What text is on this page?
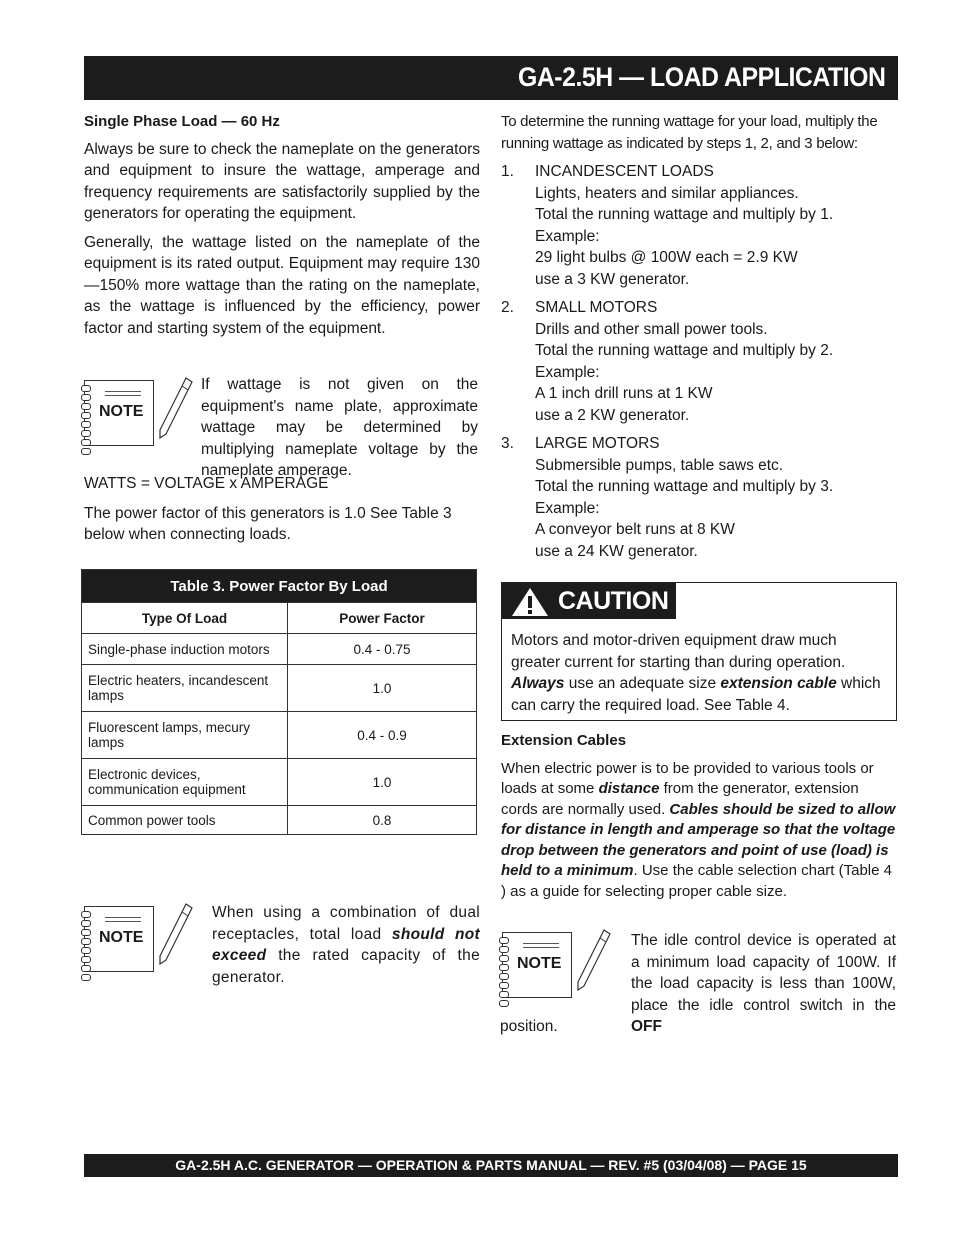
GA-2.5H — LOAD APPLICATION

Single Phase Load — 60 Hz

Always be sure to check the nameplate on the generators and equipment to insure the wattage, amperage and frequency requirements are satisfactorily supplied by the generators for operating the equipment.

Generally, the wattage listed on the nameplate of the equipment is its rated output. Equipment may require 130—150% more wattage than the rating on the nameplate, as the wattage is influenced by the efficiency, power factor and starting system of the equipment.

NOTE
If wattage is not given on the equipment's name plate, approximate wattage may be determined by multiplying nameplate voltage by the nameplate amperage.

WATTS = VOLTAGE x AMPERAGE

The power factor of this generators is 1.0 See Table 3 below when connecting loads.

Table 3. Power Factor By Load	
Type Of Load	Power Factor
Single-phase induction motors	0.4 - 0.75
Electric heaters, incandescent lamps	1.0
Fluorescent lamps, mecury lamps	0.4 - 0.9
Electronic devices, communication equipment	1.0
Common power tools	0.8
NOTE
When using a combination of dual receptacles, total load should not exceed the rated capacity of the generator.

To determine the running wattage for your load, multiply the running wattage as indicated by steps 1, 2, and 3 below:

1. INCANDESCENT LOADS
Lights, heaters and similar appliances.
Total the running wattage and multiply by 1.
Example:
29 light bulbs @ 100W each = 2.9 KW
use a 3 KW generator.
2. SMALL MOTORS
Drills and other small power tools.
Total the running wattage and multiply by 2.
Example:
A 1 inch drill runs at 1 KW
use a 2 KW generator.
3. LARGE MOTORS
Submersible pumps, table saws etc.
Total the running wattage and multiply by 3.
Example:
A conveyor belt runs at 8 KW
use a 24 KW generator.
CAUTION
Motors and motor-driven equipment draw much greater current for starting than during operation. Always use an adequate size extension cable which can carry the required load. See Table 4.

Extension Cables

When electric power is to be provided to various tools or loads at some distance from the generator, extension cords are normally used. Cables should be sized to allow for distance in length and amperage so that the voltage drop between the generators and point of use (load) is held to a minimum. Use the cable selection chart (Table 4 ) as a guide for selecting proper cable size.

NOTE
The idle control device is operated at a minimum load capacity of 100W. If the load capacity is less than 100W, place the idle control switch in the OFF
position.
GA-2.5H A.C. GENERATOR — OPERATION & PARTS MANUAL — REV. #5 (03/04/08) — PAGE 15
